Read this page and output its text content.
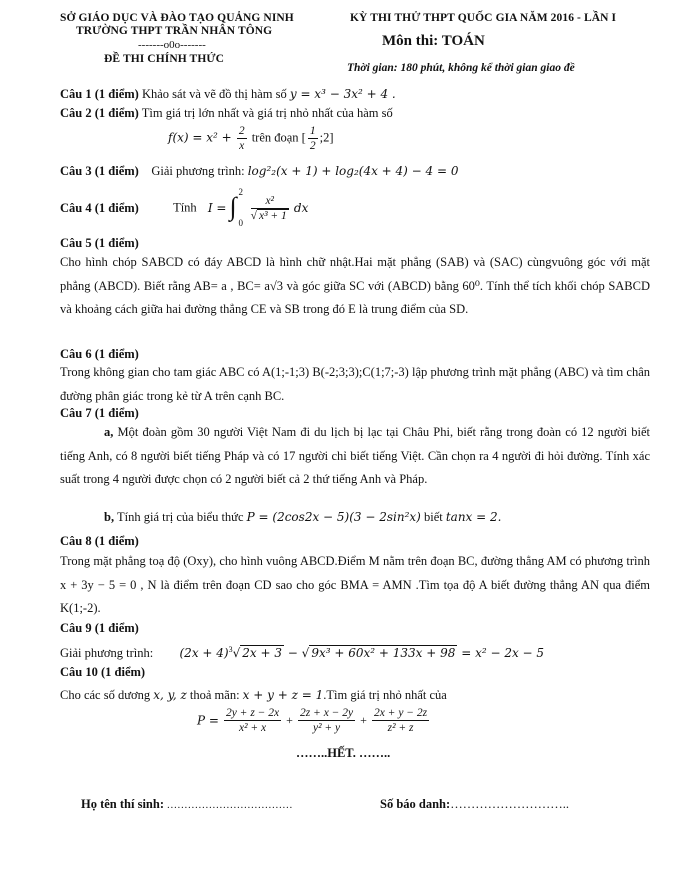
SỞ GIÁO DỤC VÀ ĐÀO TẠO QUẢNG NINH
TRƯỜNG THPT TRẦN NHÂN TÔNG
-------o0o-------
ĐỀ THI CHÍNH THỨC
KỲ THI THỬ THPT QUỐC GIA NĂM 2016 - LẦN I
Môn thi: TOÁN
Thời gian: 180 phút, không kể thời gian giao đề
Câu 1 (1 điểm) Khảo sát và vẽ đồ thị hàm số y = x³ − 3x² + 4 .
Câu 2 (1 điểm) Tìm giá trị lớn nhất và giá trị nhỏ nhất của hàm số
$f(x) = x^2 + \frac{2}{x}$ trên đoạn [ $\frac{1}{2}$ ;2]
Câu 3 (1 điểm) Giải phương trình: log²₂(x + 1) + log₂(4x + 4) − 4 = 0
Câu 4 (1 điểm)	Tính I = ∫ 2
0

$\frac{\text{x²}}{\text{√ x³ + 1}}$ dx
Câu 5 (1 điểm)
Cho hình chóp SABCD có đáy ABCD là hình chữ nhật.Hai mặt phẳng (SAB) và (SAC) cùngvuông góc với mặt phẳng (ABCD). Biết rằng AB= a , BC= a√3 và góc giữa SC với (ABCD) bằng 60⁰. Tính thể tích khối chóp SABCD và khoảng cách giữa hai đường thẳng CE và SB trong đó E là trung điểm của SD.
Câu 6 (1 điểm)
Trong không gian cho tam giác ABC có A(1;-1;3) B(-2;3;3);C(1;7;-3) lập phương trình mặt phẳng (ABC) và tìm chân đường phân giác trong kẻ từ A trên cạnh BC.
Câu 7 (1 điểm)
a, Một đoàn gồm 30 người Việt Nam đi du lịch bị lạc tại Châu Phi, biết rằng trong đoàn có 12 người biết tiếng Anh, có 8 người biết tiếng Pháp và có 17 người chỉ biết tiếng Việt. Cần chọn ra 4 người đi hỏi đường. Tính xác suất trong 4 người được chọn có 2 người biết cả 2 thứ tiếng Anh và Pháp.
b, Tính giá trị của biểu thức P = (2cos2x − 5)(3 − 2sin²x) biết tanx = 2.
Câu 8 (1 điểm)
Trong mặt phẳng toạ độ (Oxy), cho hình vuông ABCD.Điểm M nằm trên đoạn BC, đường thẳng AM có phương trình x + 3y − 5 = 0 , N là điểm trên đoạn CD sao cho góc BMA = AMN .Tìm tọa độ A biết đường thẳng AN qua điểm K(1;-2).
Câu 9 (1 điểm)
Giải phương trình: $(2x + 4)^3√$ 2x + 3 − √ 9x³ + 60x² + 133x + 98 = x² − 2x − 5
Câu 10 (1 điểm)
Cho các số dương x, y, z thoả mãn: x + y + z = 1.Tìm giá trị nhỏ nhất của
$P = \frac{2y + z - 2x}{\text{x² + x}} + \frac{2z + x - 2y}{\text{y² + y}} + \frac{2x + y - 2z}{\text{z² + z}}$
……..HẾT. ……..
Họ tên thí sinh: ....................................	Số báo danh:………………………..
